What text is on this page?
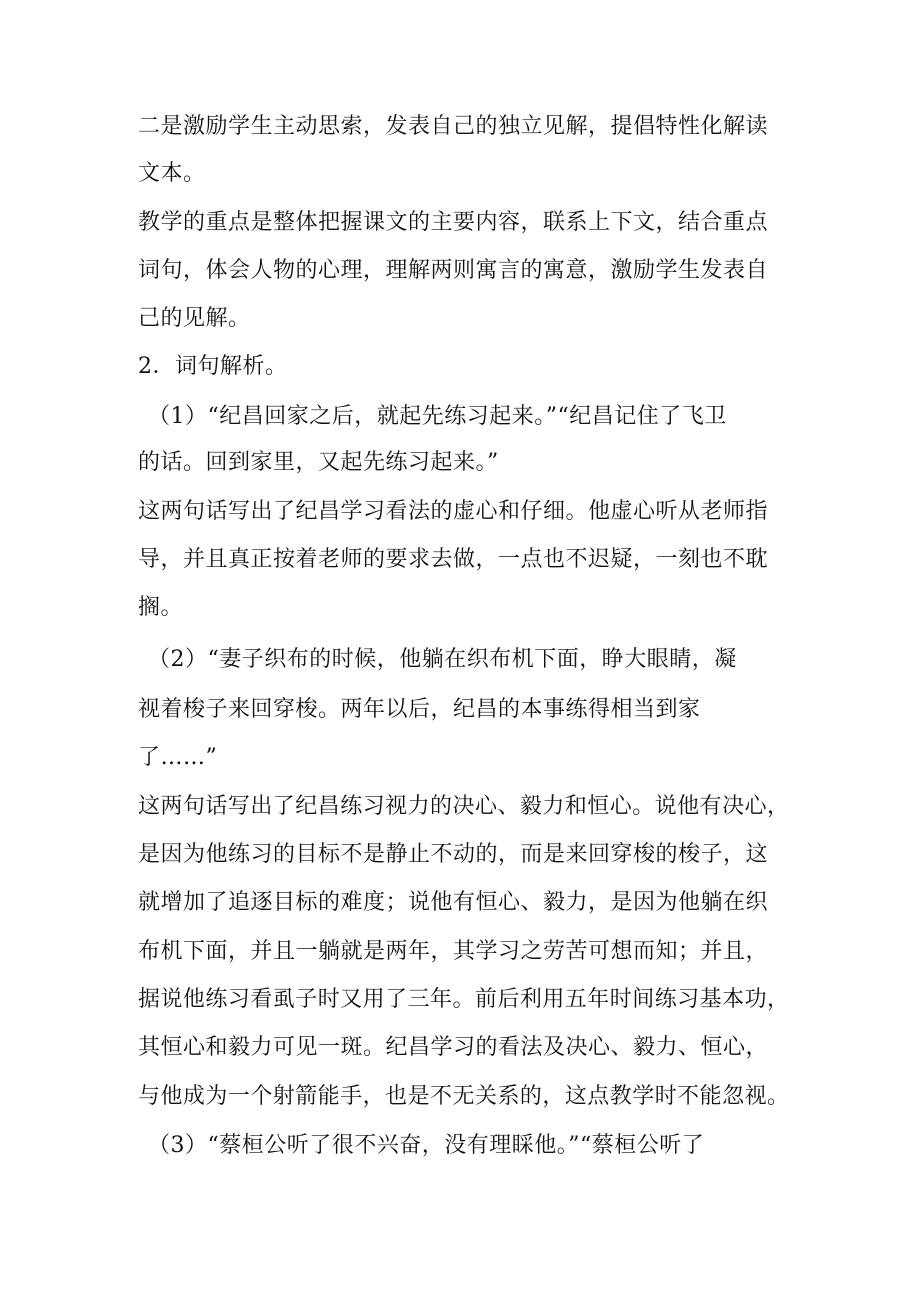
二是激励学生主动思索，发表自己的独立见解，提倡特性化解读
文本。
教学的重点是整体把握课文的主要内容，联系上下文，结合重点
词句，体会人物的心理，理解两则寓言的寓意，激励学生发表自
己的见解。
2．词句解析。
（1）“纪昌回家之后，就起先练习起来。”“纪昌记住了飞卫
的话。回到家里，又起先练习起来。”
这两句话写出了纪昌学习看法的虚心和仔细。他虚心听从老师指
导，并且真正按着老师的要求去做，一点也不迟疑，一刻也不耽
搁。
（2）“妻子织布的时候，他躺在织布机下面，睁大眼睛，凝
视着梭子来回穿梭。两年以后，纪昌的本事练得相当到家
了……”
这两句话写出了纪昌练习视力的决心、毅力和恒心。说他有决心，
是因为他练习的目标不是静止不动的，而是来回穿梭的梭子，这
就增加了追逐目标的难度；说他有恒心、毅力，是因为他躺在织
布机下面，并且一躺就是两年，其学习之劳苦可想而知；并且，
据说他练习看虱子时又用了三年。前后利用五年时间练习基本功，
其恒心和毅力可见一斑。纪昌学习的看法及决心、毅力、恒心，
与他成为一个射箭能手，也是不无关系的，这点教学时不能忽视。
（3）“蔡桓公听了很不兴奋，没有理睬他。”“蔡桓公听了
